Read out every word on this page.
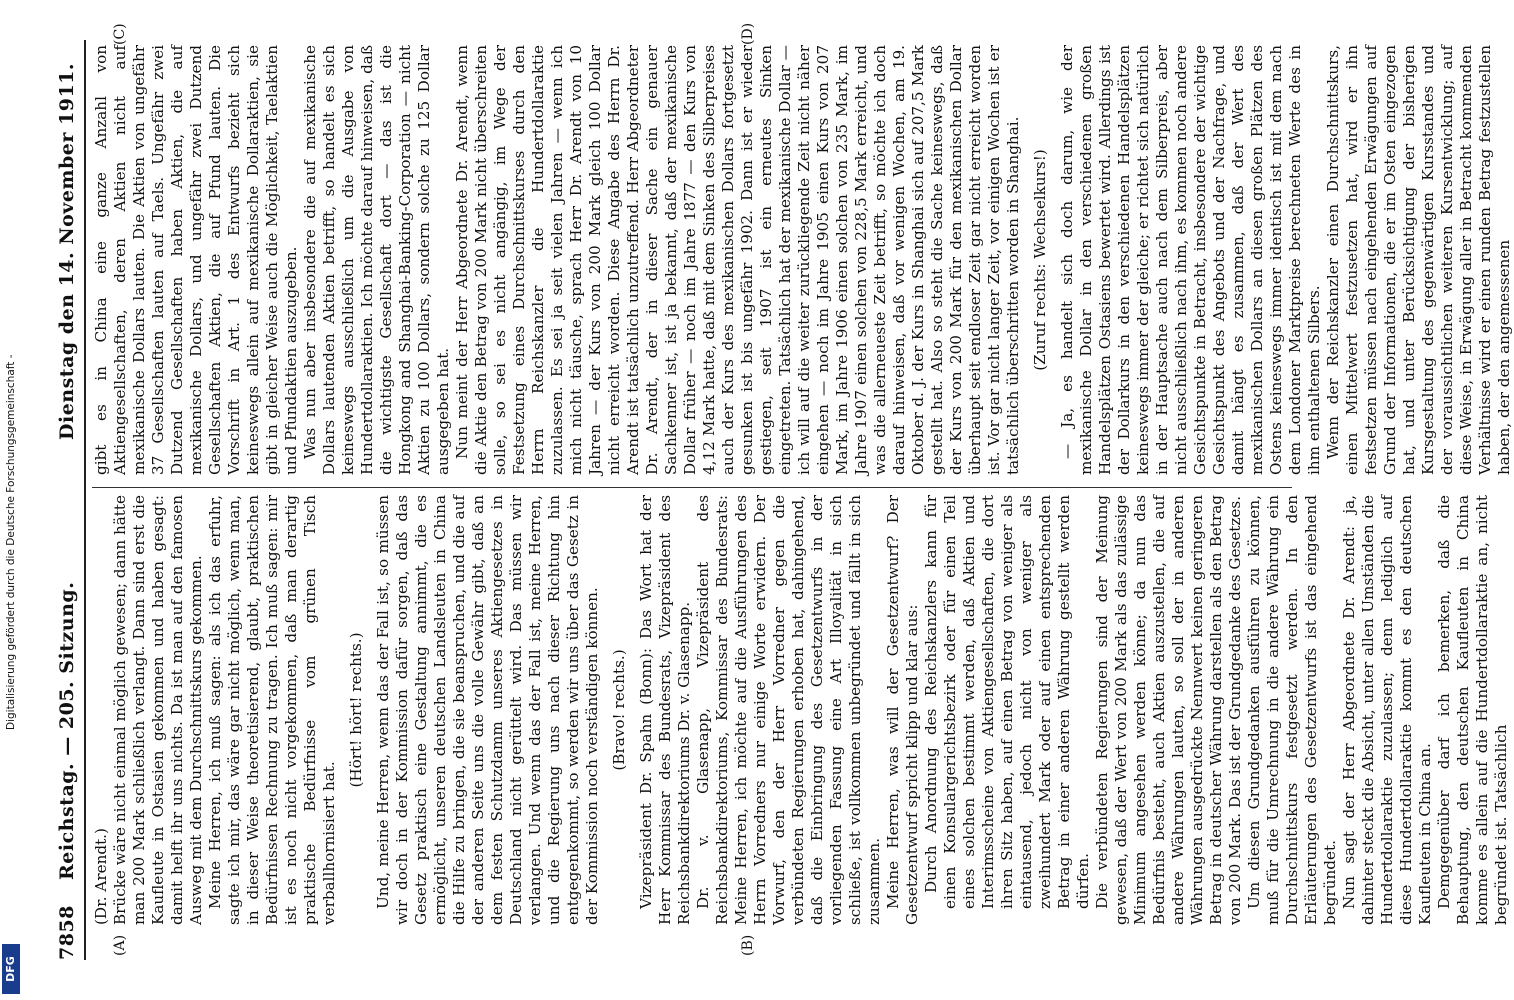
DFG
Digitalisierung gefördert durch die Deutsche Forschungsgemeinschaft -
7858
Reichstag. — 205. Sitzung.
Dienstag den 14. November 1911.
(A)	(B)
(C)	(D)

(Dr. Arendt.) Brücke wäre nicht einmal möglich gewesen; dann hätte man 200 Mark schließlich verlangt. Dann sind erst die Kaufleute in Ostasien gekommen und haben gesagt: damit helft ihr uns nichts. Da ist man auf den famosen Ausweg mit dem Durchschnittskurs gekommen. Meine Herren, ich muß sagen: als ich das erfuhr, sagte ich mir, das wäre gar nicht möglich, wenn man, in dieser Weise theoretisierend, glaubt, praktischen Bedürfnissen Rechnung zu tragen. Ich muß sagen: mir ist es noch nicht vorgekommen, daß man derartig praktische Bedürfnisse vom grünen Tisch verballhornisiert hat.

(Hört! hört! rechts.) Und, meine Herren, wenn das der Fall ist, so müssen wir doch in der Kommission dafür sorgen, daß das Gesetz praktisch eine Gestaltung annimmt, die es ermöglicht, unseren deutschen Landsleuten in China die Hilfe zu bringen, die sie beanspruchen, und die auf der anderen Seite uns die volle Gewähr gibt, daß an dem festen Schutzdamm unseres Aktiengesetzes in Deutschland nicht gerüttelt wird. Das müssen wir verlangen. Und wenn das der Fall ist, meine Herren, und die Regierung uns nach dieser Richtung hin entgegenkommt, so werden wir uns über das Gesetz in der Kommission noch verständigen können. (Bravo! rechts.) Vizepräsident Dr. Spahn (Bonn): Das Wort hat der Herr Kommissar des Bundesrats, Vizepräsident des Reichsbankdirektoriums Dr. v. Glasenapp. Dr. v. Glasenapp, Vizepräsident des Reichsbankdirektoriums, Kommissar des Bundesrats: Meine Herren, ich möchte auf die Ausführungen des Herrn Vorredners nur einige Worte erwidern. Der Vorwurf, den der Herr Vorredner gegen die verbündeten Regierungen erhoben hat, dahingehend, daß die Einbringung des Gesetzentwurfs in der vorliegenden Fassung eine Art Illoyalität in sich schließe, ist vollkommen unbegründet und fällt in sich zusammen. Meine Herren, was will der Gesetzentwurf? Der Gesetzentwurf spricht klipp und klar aus: Durch Anordnung des Reichskanzlers kann für einen Konsulargerichtsbezirk oder für einen Teil eines solchen bestimmt werden, daß Aktien und Interimsscheine von Aktiengesellschaften, die dort ihren Sitz haben, auf einen Betrag von weniger als eintausend, jedoch nicht von weniger als zweihundert Mark oder auf einen entsprechenden Betrag in einer anderen Währung gestellt werden dürfen. Die verbündeten Regierungen sind der Meinung gewesen, daß der Wert von 200 Mark als das zulässige Minimum angesehen werden könne; da nun das Bedürfnis besteht, auch Aktien auszustellen, die auf andere Währungen lauten, so soll der in anderen Währungen ausgedrückte Nennwert keinen geringeren Betrag in deutscher Währung darstellen als den Betrag von 200 Mark. Das ist der Grundgedanke des Gesetzes. Um diesen Grundgedanken ausführen zu können, muß für die Umrechnung in die andere Währung ein Durchschnittskurs festgesetzt werden. In den Erläuterungen des Gesetzentwurfs ist das eingehend begründet. Nun sagt der Herr Abgeordnete Dr. Arendt: ja, dahinter steckt die Absicht, unter allen Umständen die Hundertdollaraktie zuzulassen; denn lediglich auf diese Hundertdollaraktie kommt es den deutschen Kaufleuten in China an. Demgegenüber darf ich bemerken, daß die Behauptung, den deutschen Kaufleuten in China komme es allein auf die Hundertdollaraktie an, nicht begründet ist. Tatsächlich

gibt es in China eine ganze Anzahl von Aktiengesellschaften, deren Aktien nicht auf mexikanische Dollars lauten. Die Aktien von ungefähr 37 Gesellschaften lauten auf Taels. Ungefähr zwei Dutzend Gesellschaften haben Aktien, die auf mexikanische Dollars, und ungefähr zwei Dutzend Gesellschaften Aktien, die auf Pfund lauten. Die Vorschrift in Art. 1 des Entwurfs bezieht sich keineswegs allein auf mexikanische Dollaraktien, sie gibt in gleicher Weise auch die Möglichkeit, Taelaktien und Pfundaktien auszugeben. Was nun aber insbesondere die auf mexikanische Dollars lautenden Aktien betrifft, so handelt es sich keineswegs ausschließlich um die Ausgabe von Hundertdollaraktien. Ich möchte darauf hinweisen, daß die wichtigste Gesellschaft dort — das ist die Hongkong and Shanghai-Banking-Corporation — nicht Aktien zu 100 Dollars, sondern solche zu 125 Dollar ausgegeben hat. Nun meint der Herr Abgeordnete Dr. Arendt, wenn die Aktie den Betrag von 200 Mark nicht überschreiten solle, so sei es nicht angängig, im Wege der Festsetzung eines Durchschnittskurses durch den Herrn Reichskanzler die Hundertdollaraktie zuzulassen. Es sei ja seit vielen Jahren — wenn ich mich nicht täusche, sprach Herr Dr. Arendt von 10 Jahren — der Kurs von 200 Mark gleich 100 Dollar nicht erreicht worden. Diese Angabe des Herrn Dr. Arendt ist tatsächlich unzutreffend. Herr Abgeordneter Dr. Arendt, der in dieser Sache ein genauer Sachkenner ist, ist ja bekannt, daß der mexikanische Dollar früher — noch im Jahre 1877 — den Kurs von 4,12 Mark hatte, daß mit dem Sinken des Silberpreises auch der Kurs des mexikanischen Dollars fortgesetzt gesunken ist bis ungefähr 1902. Dann ist er wieder gestiegen, seit 1907 ist ein erneutes Sinken eingetreten. Tatsächlich hat der mexikanische Dollar — ich will auf die weiter zurückliegende Zeit nicht näher eingehen — noch im Jahre 1905 einen Kurs von 207 Mark, im Jahre 1906 einen solchen von 235 Mark, im Jahre 1907 einen solchen von 228,5 Mark erreicht, und was die allerneueste Zeit betrifft, so möchte ich doch darauf hinweisen, daß vor wenigen Wochen, am 19. Oktober d. J. der Kurs in Shanghai sich auf 207,5 Mark gestellt hat. Also so steht die Sache keineswegs, daß der Kurs von 200 Mark für den mexikanischen Dollar überhaupt seit endloser Zeit gar nicht erreicht worden ist. Vor gar nicht langer Zeit, vor einigen Wochen ist er tatsächlich überschritten worden in Shanghai. (Zuruf rechts: Wechselkurs!) — Ja, es handelt sich doch darum, wie der mexikanische Dollar in den verschiedenen großen Handelsplätzen Ostasiens bewertet wird. Allerdings ist der Dollarkurs in den verschiedenen Handelsplätzen keineswegs immer der gleiche; er richtet sich natürlich in der Hauptsache auch nach dem Silberpreis, aber nicht ausschließlich nach ihm, es kommen noch andere Gesichtspunkte in Betracht, insbesondere der wichtige Gesichtspunkt des Angebots und der Nachfrage, und damit hängt es zusammen, daß der Wert des mexikanischen Dollars an diesen großen Plätzen des Ostens keineswegs immer identisch ist mit dem nach dem Londoner Marktpreise berechneten Werte des in ihm enthaltenen Silbers. Wenn der Reichskanzler einen Durchschnittskurs, einen Mittelwert festzusetzen hat, wird er ihn festsetzen müssen nach eingehenden Erwägungen auf Grund der Informationen, die er im Osten eingezogen hat, und unter Berücksichtigung der bisherigen Kursgestaltung des gegenwärtigen Kursstandes und der voraussichtlichen weiteren Kursentwicklung; auf diese Weise, in Erwägung aller in Betracht kommenden Verhältnisse wird er einen runden Betrag festzustellen haben, der den angemessenen
